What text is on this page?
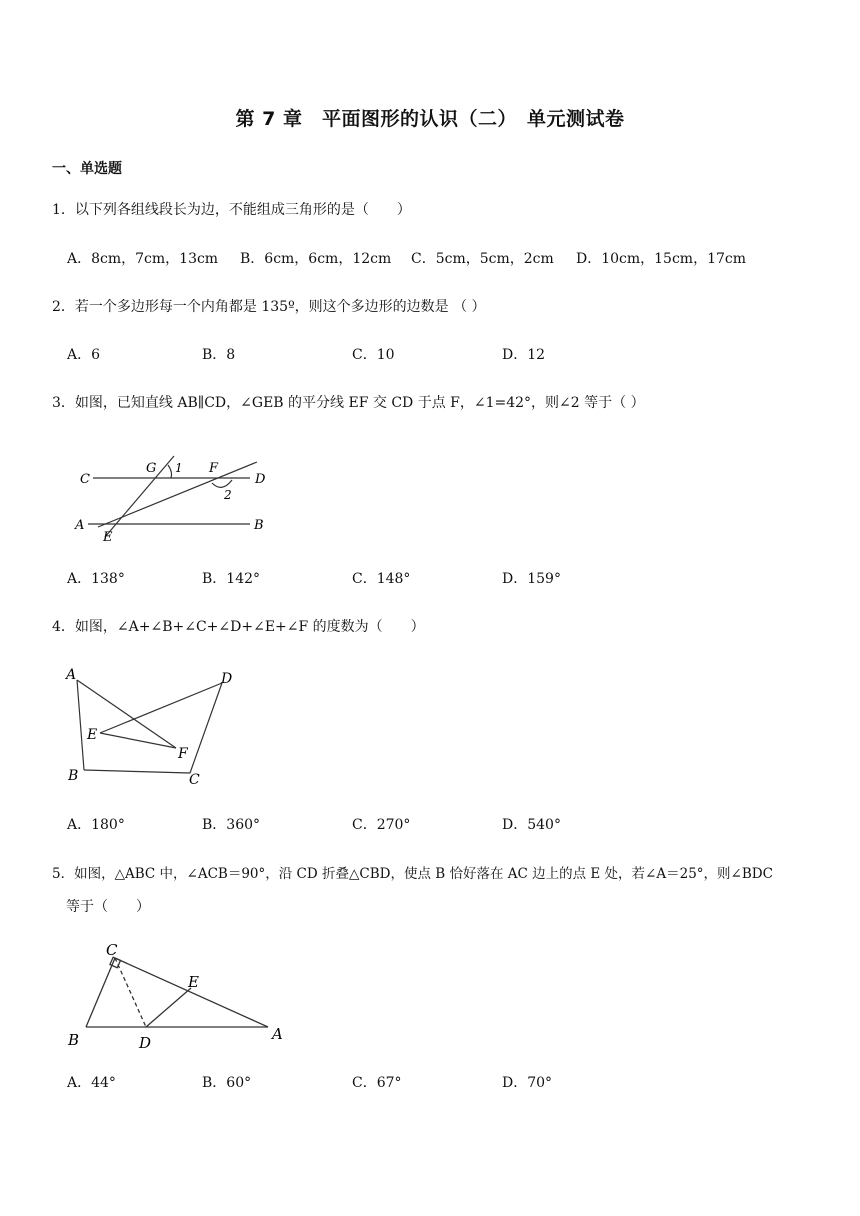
第 7 章　平面图形的认识（二）　单元测试卷
一、单选题
1．以下列各组线段长为边，不能组成三角形的是（　　）
A．8cm，7cm，13cm B．6cm，6cm，12cm C．5cm，5cm，2cm D．10cm，15cm，17cm
2．若一个多边形每一个内角都是 135º，则这个多边形的边数是 （ ）
A．6	B．8	C．10	D．12
3．如图，已知直线 AB∥CD，∠GEB 的平分线 EF 交 CD 于点 F，∠1=42°，则∠2 等于（ ）
C
G 1 F
D
2
A
E
B
A	D
E
F
B	C
C
E
B	D	A
A．138°	B．142°	C．148°	D．159°
4．如图，∠A+∠B+∠C+∠D+∠E+∠F 的度数为（　　）
A．180°	B．360°	C．270°	D．540°
5．如图，△ABC 中，∠ACB＝90°，沿 CD 折叠△CBD，使点 B 恰好落在 AC 边上的点 E 处，若∠A＝25°，则∠BDC
等于（　　）
A．44°	B．60°	C．67°	D．70°
